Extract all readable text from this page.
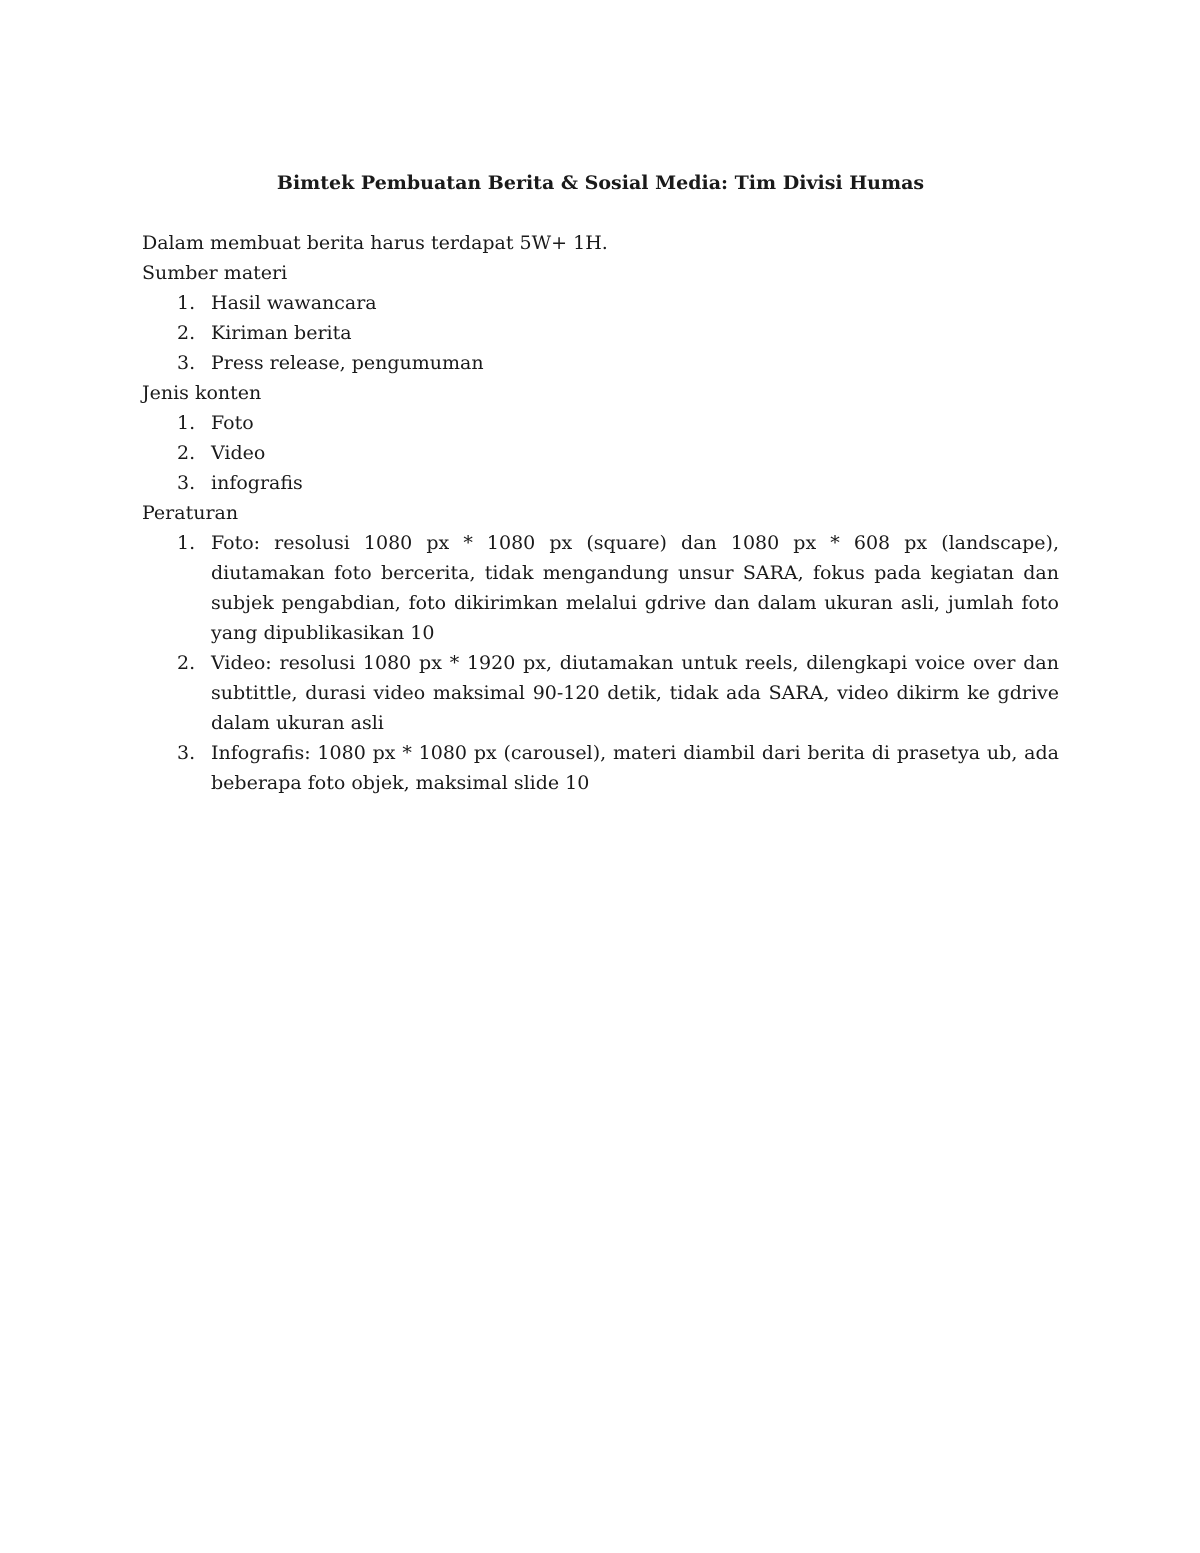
Bimtek Pembuatan Berita & Sosial Media: Tim Divisi Humas

Dalam membuat berita harus terdapat 5W+ 1H.

Sumber materi

1. Hasil wawancara
2. Kiriman berita
3. Press release, pengumuman

Jenis konten

1. Foto
2. Video
3. infografis

Peraturan

1. Foto: resolusi 1080 px * 1080 px (square) dan 1080 px * 608 px (landscape), diutamakan foto bercerita, tidak mengandung unsur SARA, fokus pada kegiatan dan subjek pengabdian, foto dikirimkan melalui gdrive dan dalam ukuran asli, jumlah foto yang dipublikasikan 10
2. Video: resolusi 1080 px * 1920 px, diutamakan untuk reels, dilengkapi voice over dan subtittle, durasi video maksimal 90-120 detik, tidak ada SARA, video dikirm ke gdrive dalam ukuran asli
3. Infografis: 1080 px * 1080 px (carousel), materi diambil dari berita di prasetya ub, ada beberapa foto objek, maksimal slide 10
